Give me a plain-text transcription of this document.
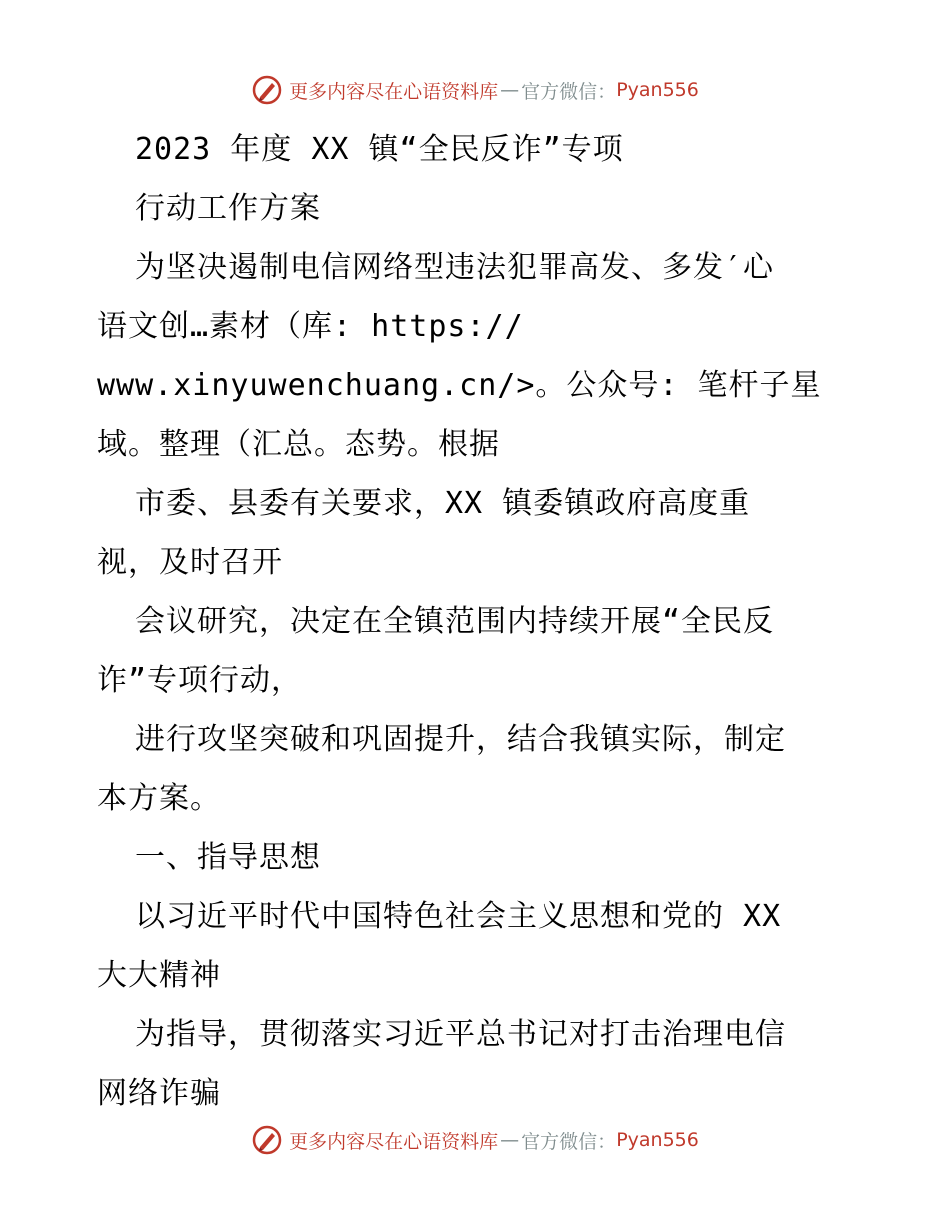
更多内容尽在心语资料库 — 官方微信： Pyan556
2023 年度 XX 镇“全民反诈”专项
行动工作方案
为坚决遏制电信网络型违法犯罪高发、多发′心
语文创…素材（库: https://
www.xinyuwenchuang.cn/>。公众号: 笔杆子星
域。整理（汇总。态势。根据
市委、县委有关要求，XX 镇委镇政府高度重
视，及时召开
会议研究，决定在全镇范围内持续开展“全民反
诈”专项行动，
进行攻坚突破和巩固提升，结合我镇实际，制定
本方案。
一、指导思想
以习近平时代中国特色社会主义思想和党的 XX
大大精神
为指导，贯彻落实习近平总书记对打击治理电信
网络诈骗
更多内容尽在心语资料库 — 官方微信： Pyan556
